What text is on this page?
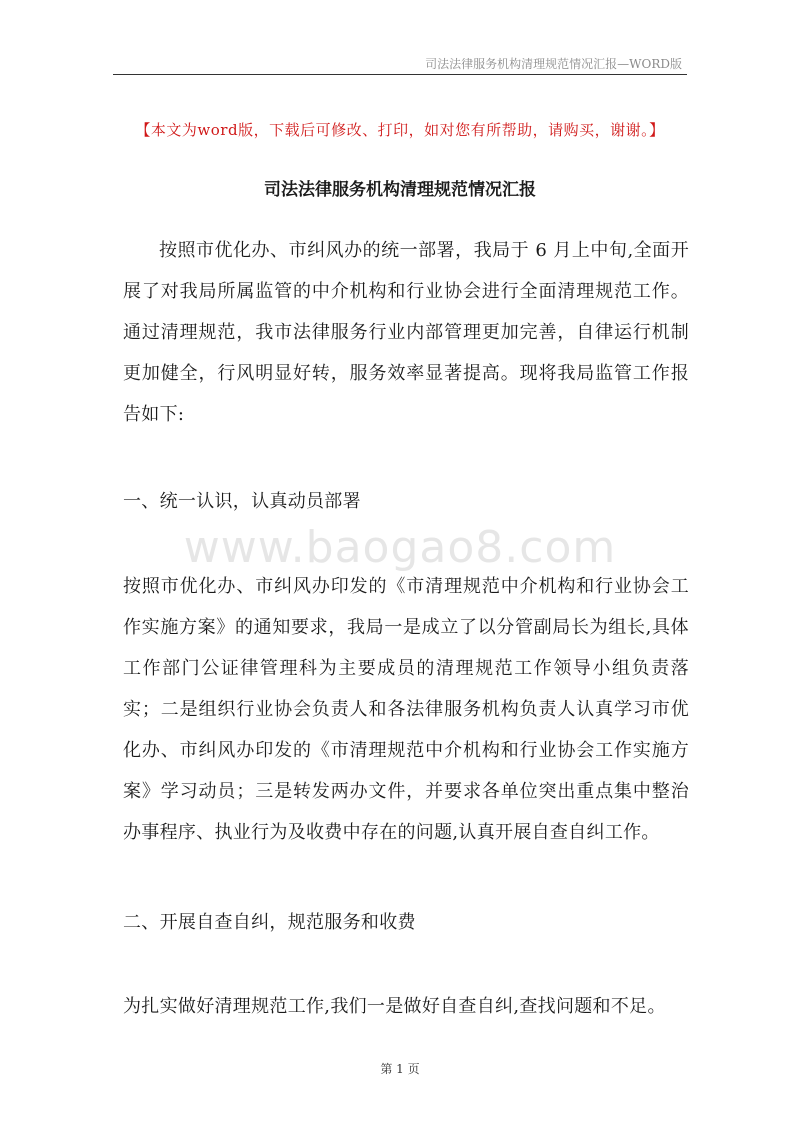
司法法律服务机构清理规范情况汇报—WORD版
【本文为word版，下载后可修改、打印，如对您有所帮助，请购买，谢谢。】
司法法律服务机构清理规范情况汇报

按照市优化办、市纠风办的统一部署，我局于 6 月上中旬,全面开展了对我局所属监管的中介机构和行业协会进行全面清理规范工作。通过清理规范，我市法律服务行业内部管理更加完善，自律运行机制更加健全，行风明显好转，服务效率显著提高。现将我局监管工作报告如下:

一、统一认识，认真动员部署

www.baogao8.com

按照市优化办、市纠风办印发的《市清理规范中介机构和行业协会工作实施方案》的通知要求，我局一是成立了以分管副局长为组长,具体工作部门公证律管理科为主要成员的清理规范工作领导小组负责落实；二是组织行业协会负责人和各法律服务机构负责人认真学习市优化办、市纠风办印发的《市清理规范中介机构和行业协会工作实施方案》学习动员；三是转发两办文件，并要求各单位突出重点集中整治办事程序、执业行为及收费中存在的问题,认真开展自查自纠工作。

二、开展自查自纠，规范服务和收费

为扎实做好清理规范工作,我们一是做好自查自纠,查找问题和不足。

第 1 页
